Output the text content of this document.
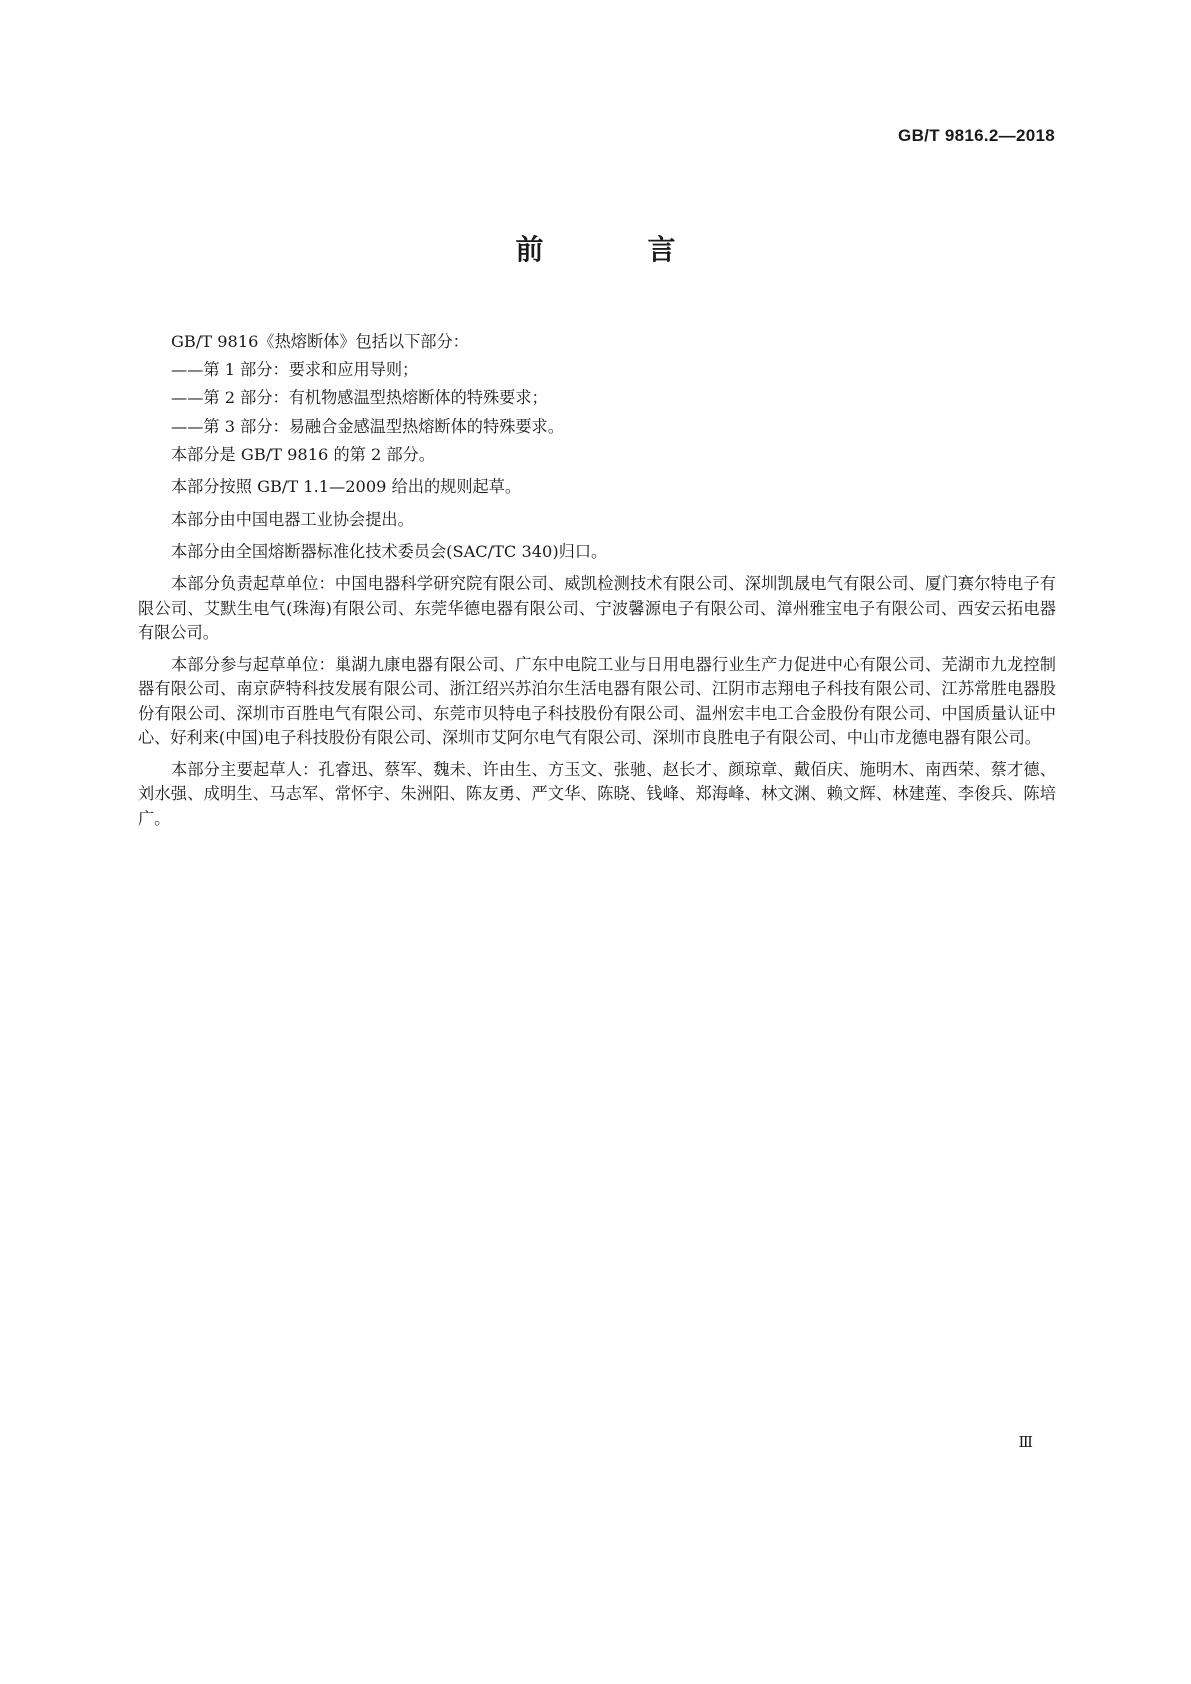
GB/T 9816.2—2018
前　言

GB/T 9816《热熔断体》包括以下部分：

——第 1 部分：要求和应用导则；

——第 2 部分：有机物感温型热熔断体的特殊要求；

——第 3 部分：易融合金感温型热熔断体的特殊要求。

本部分是 GB/T 9816 的第 2 部分。

本部分按照 GB/T 1.1—2009 给出的规则起草。

本部分由中国电器工业协会提出。

本部分由全国熔断器标准化技术委员会(SAC/TC 340)归口。

本部分负责起草单位：中国电器科学研究院有限公司、威凯检测技术有限公司、深圳凯晟电气有限公司、厦门赛尔特电子有限公司、艾默生电气(珠海)有限公司、东莞华德电器有限公司、宁波馨源电子有限公司、漳州雅宝电子有限公司、西安云拓电器有限公司。

本部分参与起草单位：巢湖九康电器有限公司、广东中电院工业与日用电器行业生产力促进中心有限公司、芜湖市九龙控制器有限公司、南京萨特科技发展有限公司、浙江绍兴苏泊尔生活电器有限公司、江阴市志翔电子科技有限公司、江苏常胜电器股份有限公司、深圳市百胜电气有限公司、东莞市贝特电子科技股份有限公司、温州宏丰电工合金股份有限公司、中国质量认证中心、好利来(中国)电子科技股份有限公司、深圳市艾阿尔电气有限公司、深圳市良胜电子有限公司、中山市龙德电器有限公司。

本部分主要起草人：孔睿迅、蔡军、魏未、许由生、方玉文、张驰、赵长才、颜琼章、戴佰庆、施明木、南西荣、蔡才德、刘水强、成明生、马志军、常怀宇、朱洲阳、陈友勇、严文华、陈晓、钱峰、郑海峰、林文渊、赖文辉、林建莲、李俊兵、陈培广。

Ⅲ
